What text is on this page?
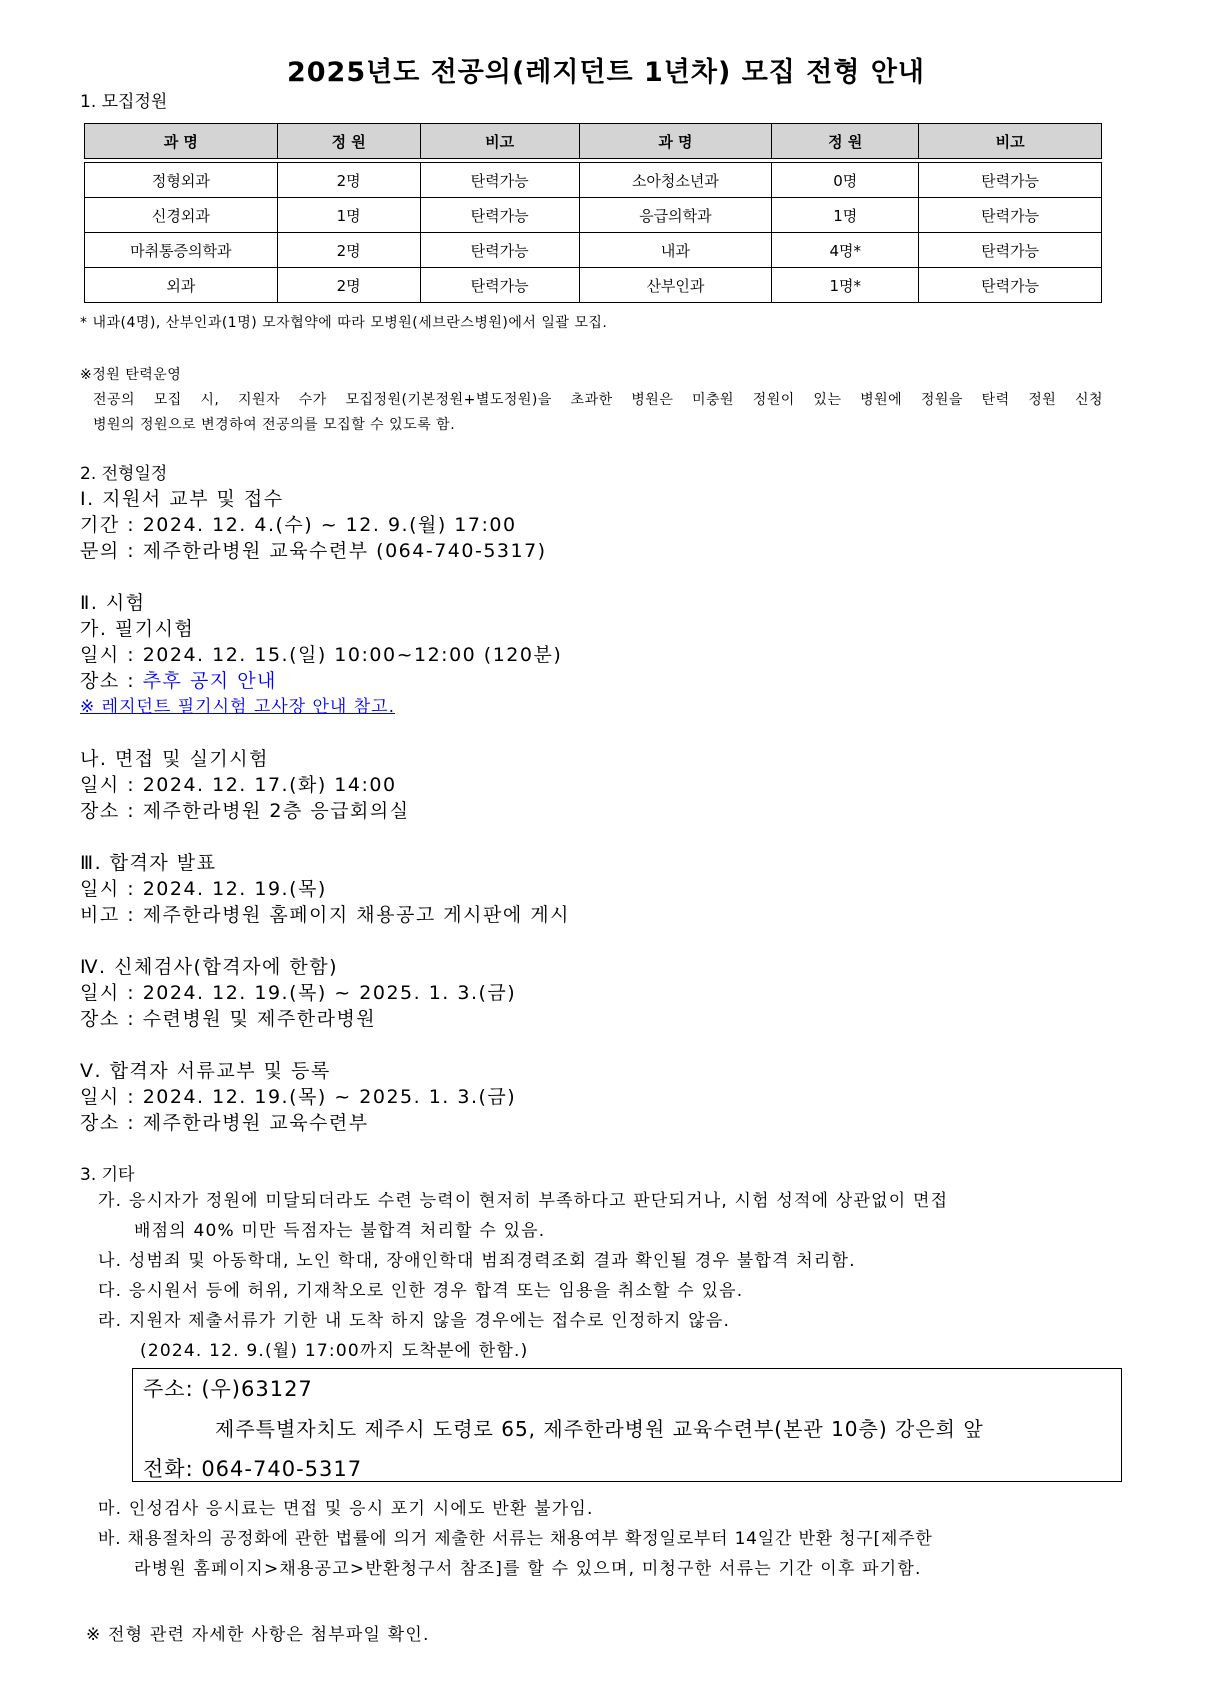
2025년도 전공의(레지던트 1년차) 모집 전형 안내
1. 모집정원
과 명	정 원	비고	과 명	정 원	비고

정형외과	2명	탄력가능	소아청소년과	0명	탄력가능
신경외과	1명	탄력가능	응급의학과	1명	탄력가능
마취통증의학과	2명	탄력가능	내과	4명*	탄력가능
외과	2명	탄력가능	산부인과	1명*	탄력가능
* 내과(4명), 산부인과(1명) 모자협약에 따라 모병원(세브란스병원)에서 일괄 모집.
※정원 탄력운영
전공의 모집 시, 지원자 수가 모집정원(기본정원+별도정원)을 초과한 병원은 미충원 정원이 있는 병원에 정원을 탄력 정원 신청
병원의 정원으로 변경하여 전공의를 모집할 수 있도록 함.
2. 전형일정
Ⅰ. 지원서 교부 및 접수
기간 : 2024. 12. 4.(수) ~ 12. 9.(월) 17:00
문의 : 제주한라병원 교육수련부 (064-740-5317)
Ⅱ. 시험
가. 필기시험
일시 : 2024. 12. 15.(일) 10:00~12:00 (120분)
장소 : 추후 공지 안내
※ 레지던트 필기시험 고사장 안내 참고.
나. 면접 및 실기시험
일시 : 2024. 12. 17.(화) 14:00
장소 : 제주한라병원 2층 응급회의실
Ⅲ. 합격자 발표
일시 : 2024. 12. 19.(목)
비고 : 제주한라병원 홈페이지 채용공고 게시판에 게시
Ⅳ. 신체검사(합격자에 한함)
일시 : 2024. 12. 19.(목) ~ 2025. 1. 3.(금)
장소 : 수련병원 및 제주한라병원
Ⅴ. 합격자 서류교부 및 등록
일시 : 2024. 12. 19.(목) ~ 2025. 1. 3.(금)
장소 : 제주한라병원 교육수련부
3. 기타
가. 응시자가 정원에 미달되더라도 수련 능력이 현저히 부족하다고 판단되거나, 시험 성적에 상관없이 면접
배점의 40% 미만 득점자는 불합격 처리할 수 있음.
나. 성범죄 및 아동학대, 노인 학대, 장애인학대 범죄경력조회 결과 확인될 경우 불합격 처리함.
다. 응시원서 등에 허위, 기재착오로 인한 경우 합격 또는 임용을 취소할 수 있음.
라. 지원자 제출서류가 기한 내 도착 하지 않을 경우에는 접수로 인정하지 않음.
(2024. 12. 9.(월) 17:00까지 도착분에 한함.)
주소: (우)63127
제주특별자치도 제주시 도령로 65, 제주한라병원 교육수련부(본관 10층) 강은희 앞
전화: 064-740-5317
마. 인성검사 응시료는 면접 및 응시 포기 시에도 반환 불가임.
바. 채용절차의 공정화에 관한 법률에 의거 제출한 서류는 채용여부 확정일로부터 14일간 반환 청구[제주한
라병원 홈페이지>채용공고>반환청구서 참조]를 할 수 있으며, 미청구한 서류는 기간 이후 파기함.
※ 전형 관련 자세한 사항은 첨부파일 확인.
